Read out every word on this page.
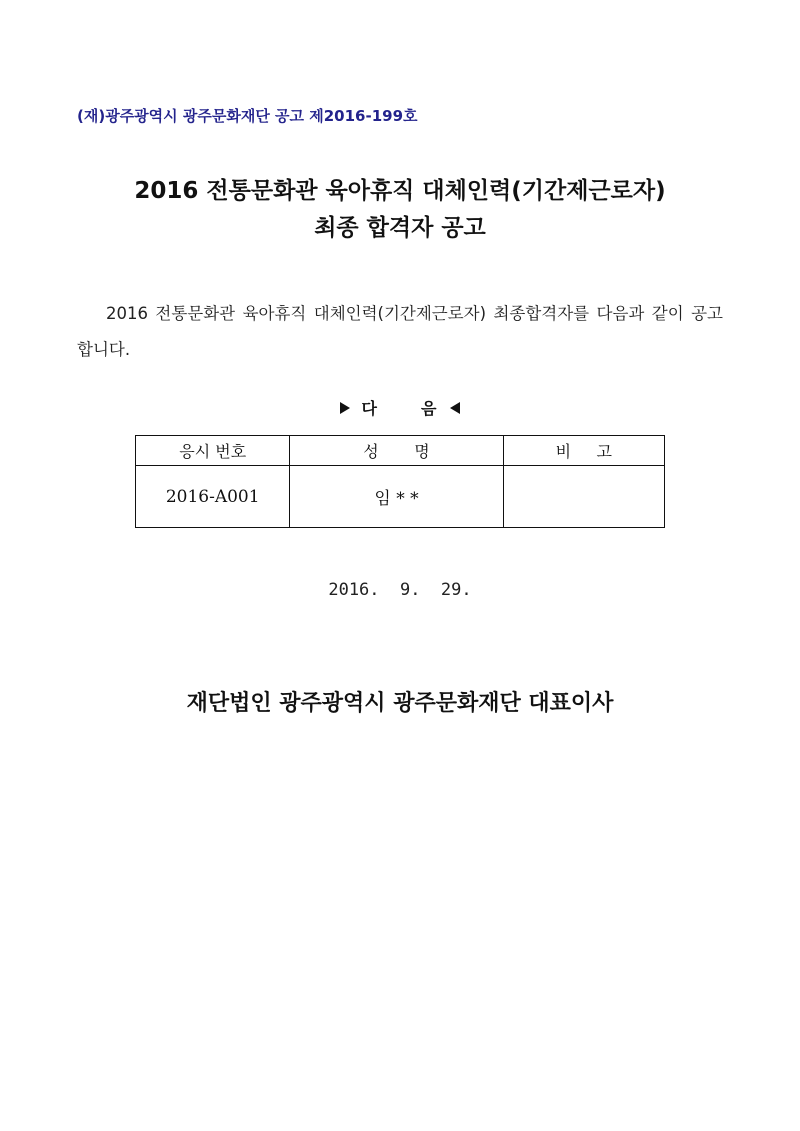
(재)광주광역시 광주문화재단 공고 제2016-199호
2016 전통문화관 육아휴직 대체인력(기간제근로자)
최종 합격자 공고
2016 전통문화관 육아휴직 대체인력(기간제근로자) 최종합격자를 다음과 같이 공고합니다.
다	음
응시 번호	성       명	비     고
2016-A001	임 * *	
2016.  9.  29.
재단법인 광주광역시 광주문화재단 대표이사
